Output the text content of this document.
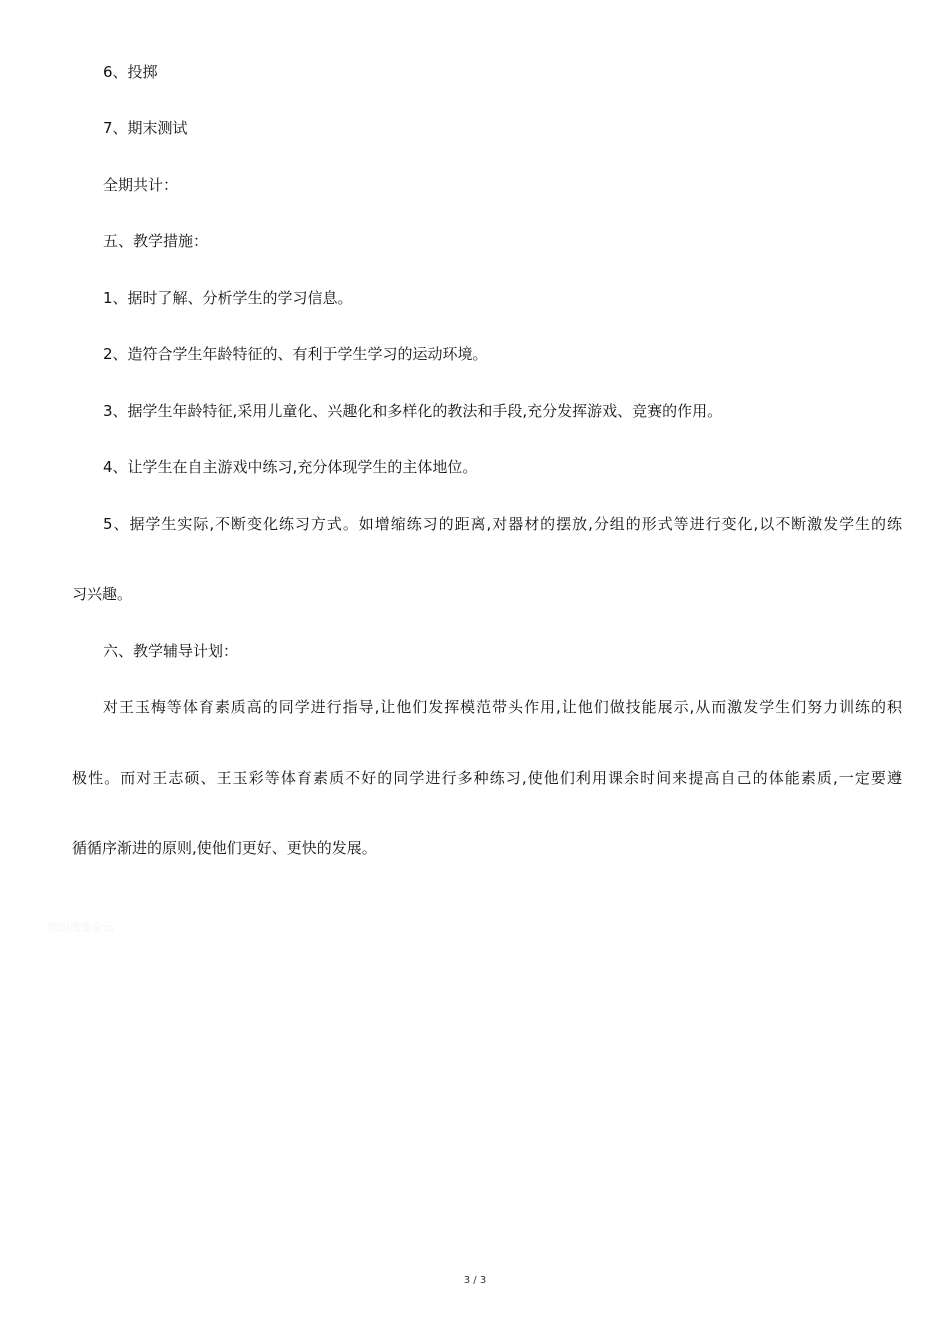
6、投掷

7、期末测试

全期共计：

五、教学措施：

1、据时了解、分析学生的学习信息。

2、造符合学生年龄特征的、有利于学生学习的运动环境。

3、据学生年龄特征,采用儿童化、兴趣化和多样化的教法和手段,充分发挥游戏、竞赛的作用。

4、让学生在自主游戏中练习,充分体现学生的主体地位。

5、据学生实际,不断变化练习方式。如增缩练习的距离,对器材的摆放,分组的形式等进行变化,以不断激发学生的练

习兴趣。

六、教学辅导计划：

对王玉梅等体育素质高的同学进行指导,让他们发挥模范带头作用,让他们做技能展示,从而激发学生们努力训练的积

极性。而对王志硕、王玉彩等体育素质不好的同学进行多种练习,使他们利用课余时间来提高自己的体能素质,一定要遵

循循序渐进的原则,使他们更好、更快的发展。

知识改变命运
3 / 3
